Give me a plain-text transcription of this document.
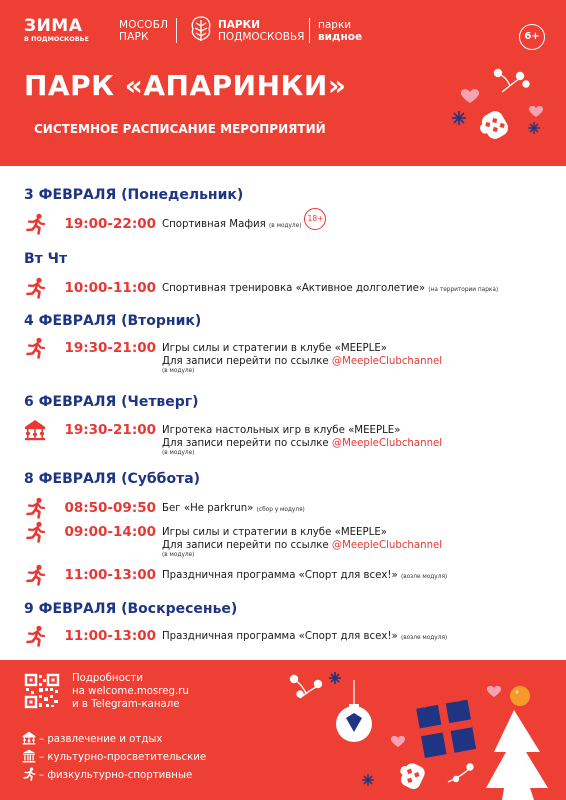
ЗИМА
В ПОДМОСКОВЬЕ
МОСОБЛ
ПАРК
ПАРКИ
ПОДМОСКОВЬЯ
парки
видное	6+
ПАРК «АПАРИНКИ»
СИСТЕМНОЕ РАСПИСАНИЕ МЕРОПРИЯТИЙ
3 ФЕВРАЛЯ (Понедельник)
19:00-22:00 Спортивная Мафия (в модуле)18+
Вт Чт
10:00-11:00 Спортивная тренировка «Активное долголетие» (на территории парка)
4 ФЕВРАЛЯ (Вторник)
19:30-21:00 Игры силы и стратегии в клубе «MEEPLE»
Для записи перейти по ссылке @MeepleClubchannel
(в модуле)
6 ФЕВРАЛЯ (Четверг)
19:30-21:00 Игротека настольных игр в клубе «MEEPLE»
Для записи перейти по ссылке @MeepleClubchannel
(в модуле)
8 ФЕВРАЛЯ (Суббота)
08:50-09:50 Бег «Не parkrun» (сбор у модуля)
09:00-14:00 Игры силы и стратегии в клубе «MEEPLE»
Для записи перейти по ссылке @MeepleClubchannel
(в модуле)
11:00-13:00 Праздничная программа «Спорт для всех!» (возле модуля)
9 ФЕВРАЛЯ (Воскресенье)
11:00-13:00 Праздничная программа «Спорт для всех!» (возле модуля)
Подробности
на welcome.mosreg.ru
и в Telegram-канале
– развлечение и отдых
– культурно-просветительские
– физкультурно-спортивные
